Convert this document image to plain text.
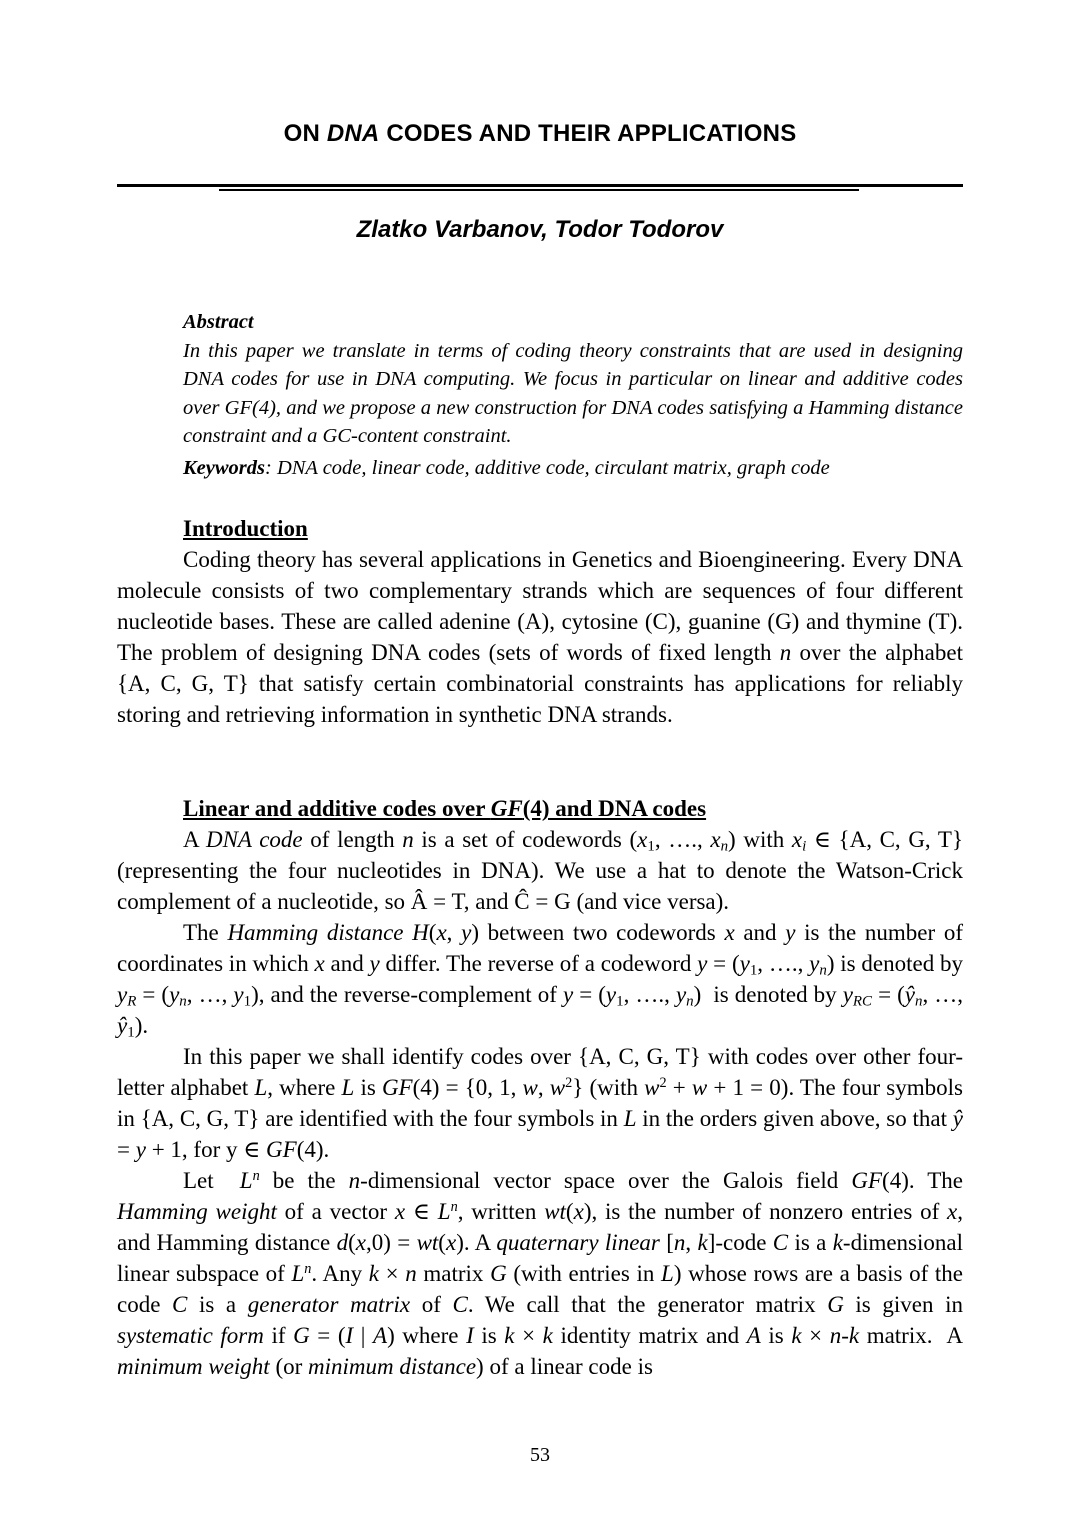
ON DNA CODES AND THEIR APPLICATIONS
Zlatko Varbanov, Todor Todorov
Abstract

In this paper we translate in terms of coding theory constraints that are used in designing DNA codes for use in DNA computing. We focus in particular on linear and additive codes over GF(4), and we propose a new construction for DNA codes satisfying a Hamming distance constraint and a GC-content constraint.

Keywords: DNA code, linear code, additive code, circulant matrix, graph code
Introduction

Coding theory has several applications in Genetics and Bioengineering. Every DNA molecule consists of two complementary strands which are sequences of four different nucleotide bases. These are called adenine (A), cytosine (C), guanine (G) and thymine (T). The problem of designing DNA codes (sets of words of fixed length n over the alphabet {A, C, G, T} that satisfy certain combinatorial constraints has applications for reliably storing and retrieving information in synthetic DNA strands.

Linear and additive codes over GF(4) and DNA codes

A DNA code of length n is a set of codewords ($x_1$, …., $x_n$) with $x_i$ ∈ {A, C, G, T} (representing the four nucleotides in DNA). We use a hat to denote the Watson-Crick complement of a nucleotide, so Â = T, and Ĉ = G (and vice versa).

The Hamming distance H(x, y) between two codewords x and y is the number of coordinates in which x and y differ. The reverse of a codeword $y = (y_1$, …., $y_n$) is denoted by $y_R = (y_n$, …, $y_1$), and the reverse-complement of $y = (y_1$, …., $y_n$)  is denoted by $y_{RC}$ = ($ŷ_n$, …, $ŷ_1$).

In this paper we shall identify codes over {A, C, G, T} with codes over other four-letter alphabet L, where L is GF(4) = {0, 1, w, $w^2$} (with $w^2 + w + 1 = 0$). The four symbols in {A, C, G, T} are identified with the four symbols in L in the orders given above, so that ŷ = y + 1, for y ∈ GF(4).

Let  $L^n$ be the n-dimensional vector space over the Galois field GF(4). The Hamming weight of a vector x ∈ $L^n$, written wt(x), is the number of nonzero entries of x, and Hamming distance d(x,0) = wt(x). A quaternary linear [n, k]-code C is a k-dimensional linear subspace of $L^n$. Any k × n matrix G (with entries in L) whose rows are a basis of the code C is a generator matrix of C. We call that the generator matrix G is given in systematic form if G = (I | A) where I is k × k identity matrix and A is k × n-k matrix.  A minimum weight (or minimum distance) of a linear code is

53
